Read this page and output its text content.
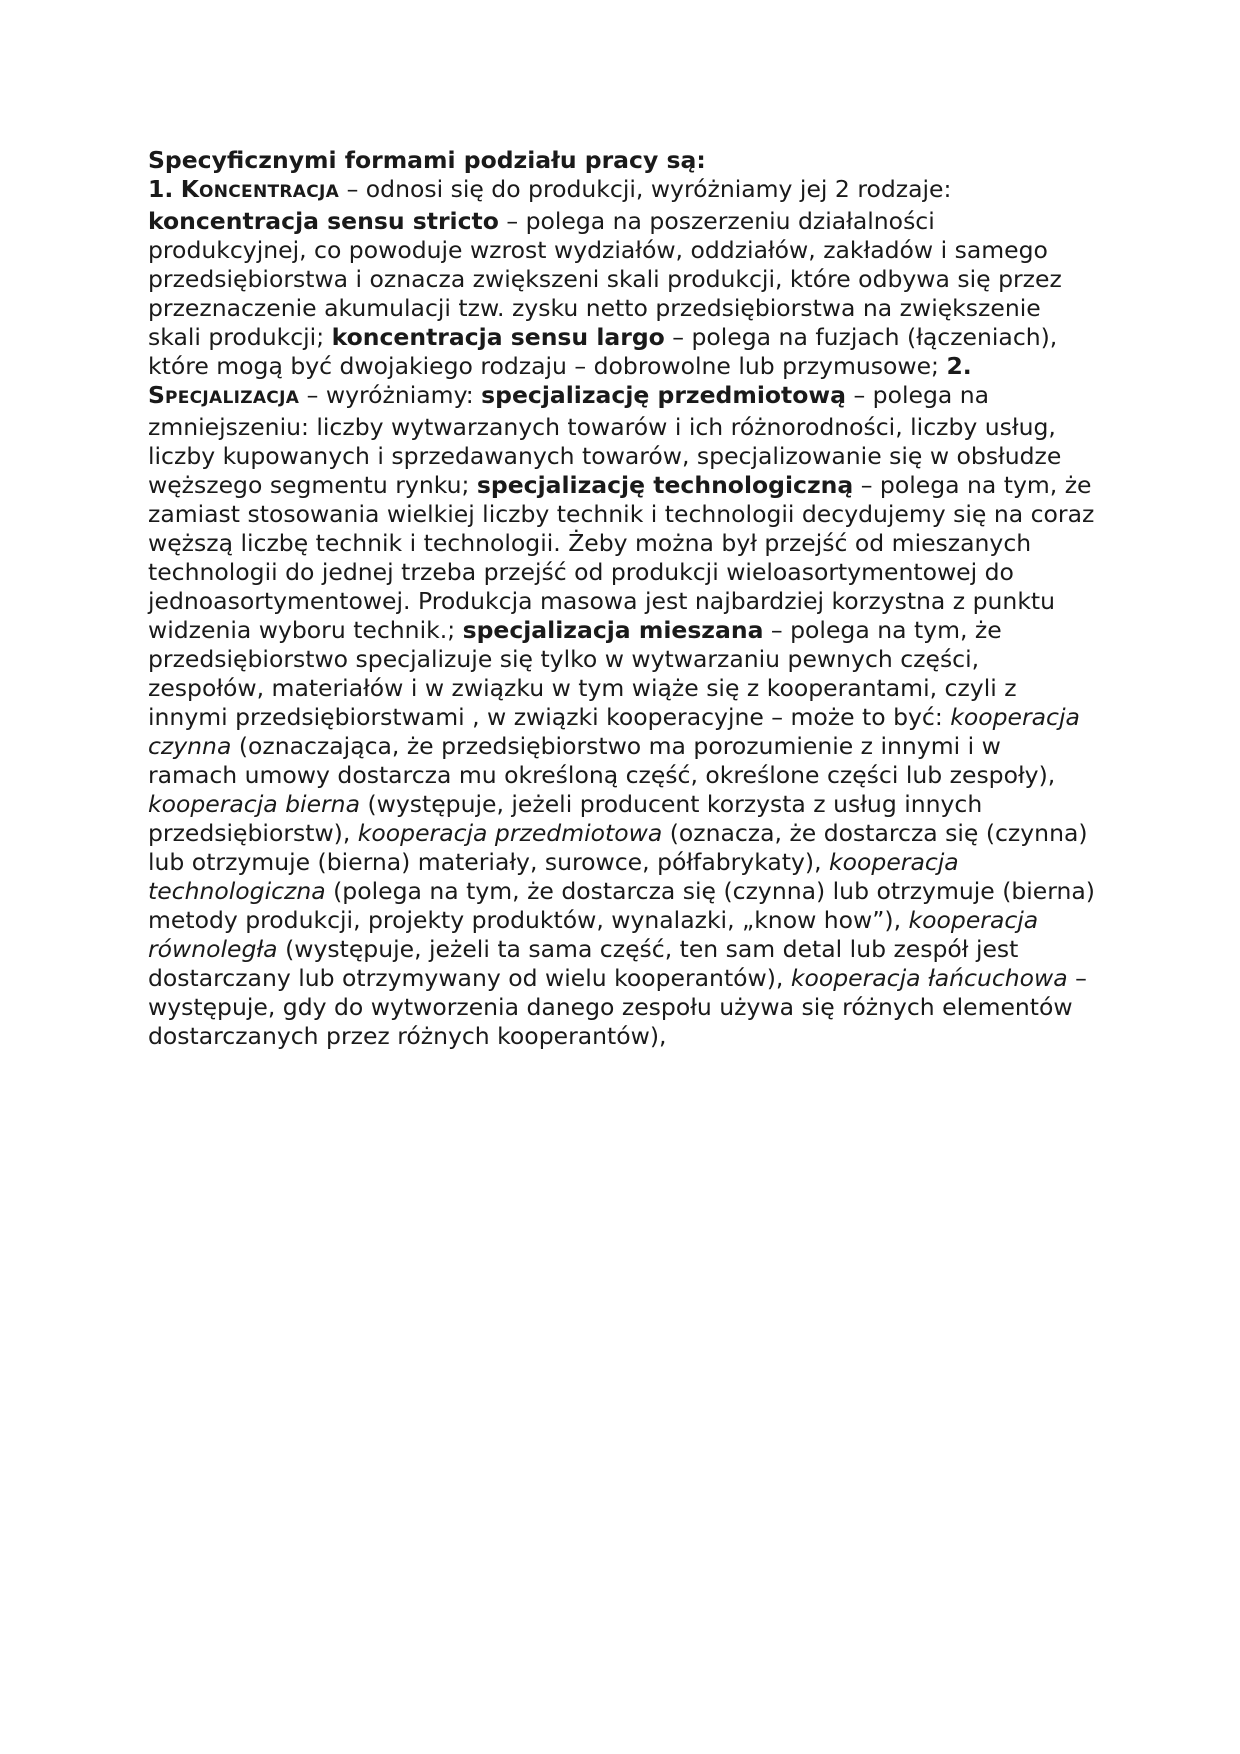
Specyficznymi formami podziału pracy są:

1. KONCENTRACJA – odnosi się do produkcji, wyróżniamy jej 2 rodzaje: koncentracja sensu stricto – polega na poszerzeniu działalności produkcyjnej, co powoduje wzrost wydziałów, oddziałów, zakładów i samego przedsiębiorstwa i oznacza zwiększeni skali produkcji, które odbywa się przez przeznaczenie akumulacji tzw. zysku netto przedsiębiorstwa na zwiększenie skali produkcji; koncentracja sensu largo – polega na fuzjach (łączeniach), które mogą być dwojakiego rodzaju – dobrowolne lub przymusowe; 2. SPECJALIZACJA – wyróżniamy: specjalizację przedmiotową – polega na zmniejszeniu: liczby wytwarzanych towarów i ich różnorodności, liczby usług, liczby kupowanych i sprzedawanych towarów, specjalizowanie się w obsłudze węższego segmentu rynku; specjalizację technologiczną – polega na tym, że zamiast stosowania wielkiej liczby technik i technologii decydujemy się na coraz węższą liczbę technik i technologii. Żeby można był przejść od mieszanych technologii do jednej trzeba przejść od produkcji wieloasortymentowej do jednoasortymentowej. Produkcja masowa jest najbardziej korzystna z punktu widzenia wyboru technik.; specjalizacja mieszana – polega na tym, że przedsiębiorstwo specjalizuje się tylko w wytwarzaniu pewnych części, zespołów, materiałów i w związku w tym wiąże się z kooperantami, czyli z innymi przedsiębiorstwami , w związki kooperacyjne – może to być: kooperacja czynna (oznaczająca, że przedsiębiorstwo ma porozumienie z innymi i w ramach umowy dostarcza mu określoną część, określone części lub zespoły), kooperacja bierna (występuje, jeżeli producent korzysta z usług innych przedsiębiorstw), kooperacja przedmiotowa (oznacza, że dostarcza się (czynna) lub otrzymuje (bierna) materiały, surowce, półfabrykaty), kooperacja technologiczna (polega na tym, że dostarcza się (czynna) lub otrzymuje (bierna) metody produkcji, projekty produktów, wynalazki, „know how”), kooperacja równoległa (występuje, jeżeli ta sama część, ten sam detal lub zespół jest dostarczany lub otrzymywany od wielu kooperantów), kooperacja łańcuchowa – występuje, gdy do wytworzenia danego zespołu używa się różnych elementów dostarczanych przez różnych kooperantów),
